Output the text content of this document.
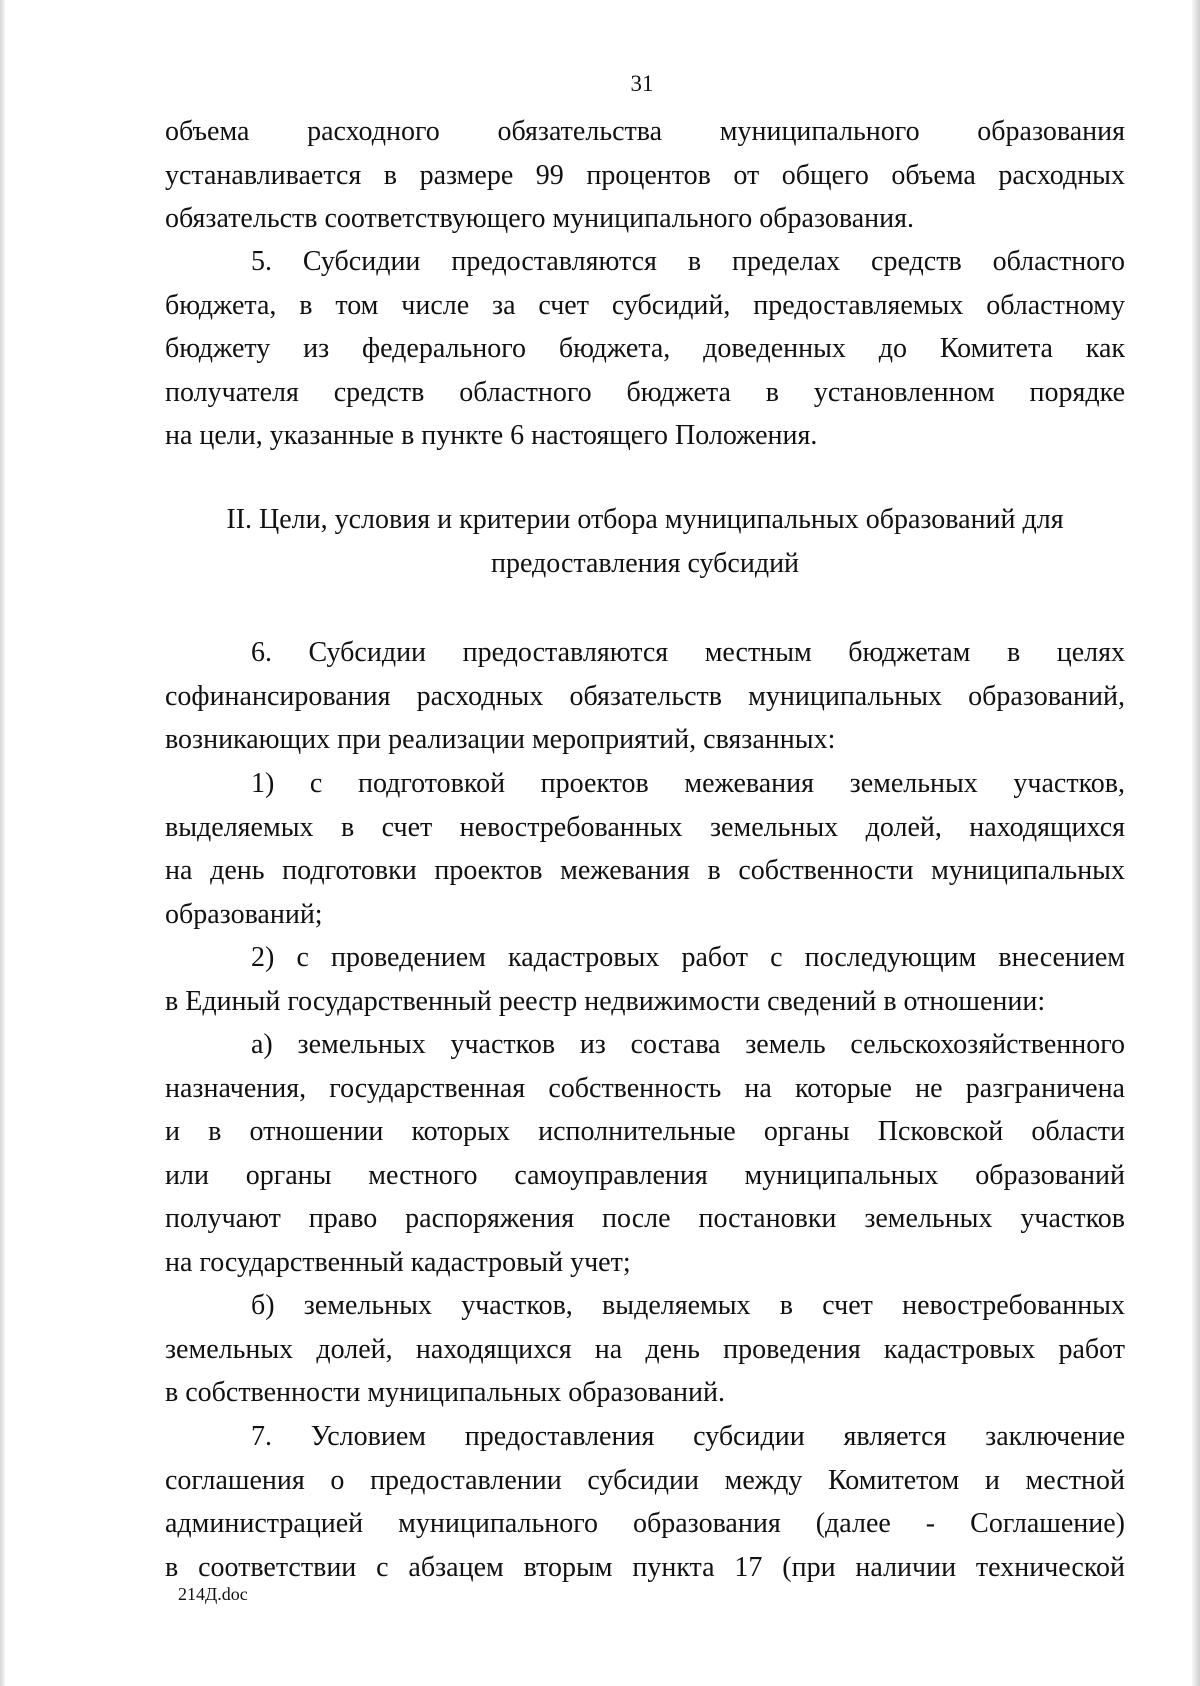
31

объема расходного обязательства муниципального образования

устанавливается в размере 99 процентов от общего объема расходных

обязательств соответствующего муниципального образования.

5. Субсидии предоставляются в пределах средств областного

бюджета, в том числе за счет субсидий, предоставляемых областному

бюджету из федерального бюджета, доведенных до Комитета как

получателя средств областного бюджета в установленном порядке

на цели, указанные в пункте 6 настоящего Положения.

II. Цели, условия и критерии отбора муниципальных образований для

предоставления субсидий

6. Субсидии предоставляются местным бюджетам в целях

софинансирования расходных обязательств муниципальных образований,

возникающих при реализации мероприятий, связанных:

1) с подготовкой проектов межевания земельных участков,

выделяемых в счет невостребованных земельных долей, находящихся

на день подготовки проектов межевания в собственности муниципальных

образований;

2) с проведением кадастровых работ с последующим внесением

в Единый государственный реестр недвижимости сведений в отношении:

а) земельных участков из состава земель сельскохозяйственного

назначения, государственная собственность на которые не разграничена

и в отношении которых исполнительные органы Псковской области

или органы местного самоуправления муниципальных образований

получают право распоряжения после постановки земельных участков

на государственный кадастровый учет;

б) земельных участков, выделяемых в счет невостребованных

земельных долей, находящихся на день проведения кадастровых работ

в собственности муниципальных образований.

7. Условием предоставления субсидии является заключение

соглашения о предоставлении субсидии между Комитетом и местной

администрацией муниципального образования (далее - Соглашение)

в соответствии с абзацем вторым пункта 17 (при наличии технической

214Д.doc
